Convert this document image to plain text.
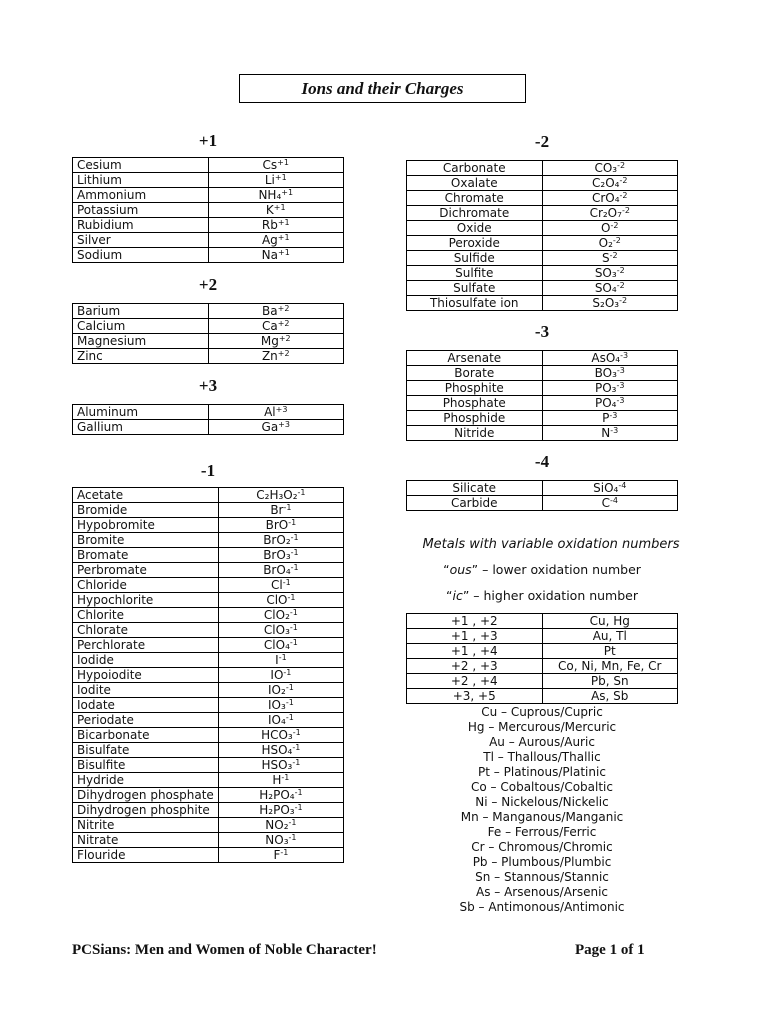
Ions and their Charges
+1
Cesium	$Cs^{+1}$
Lithium	$Li^{+1}$
Ammonium	NH₄$^{+1}$
Potassium	$K^{+1}$
Rubidium	$Rb^{+1}$
Silver	$Ag^{+1}$
Sodium	$Na^{+1}$
+2
Barium	$Ba^{+2}$
Calcium	$Ca^{+2}$
Magnesium	$Mg^{+2}$
Zinc	$Zn^{+2}$
+3
Aluminum	$Al^{+3}$
Gallium	$Ga^{+3}$
-1
Acetate	C₂H₃O₂$^{-1}$
Bromide	$Br^{-1}$
Hypobromite	BrO$^{-1}$
Bromite	BrO₂$^{-1}$
Bromate	BrO₃$^{-1}$
Perbromate	BrO₄$^{-1}$
Chloride	$Cl^{-1}$
Hypochlorite	ClO$^{-1}$
Chlorite	ClO₂$^{-1}$
Chlorate	ClO₃$^{-1}$
Perchlorate	ClO₄$^{-1}$
Iodide	$I^{-1}$
Hypoiodite	$IO^{-1}$
Iodite	IO₂$^{-1}$
Iodate	IO₃$^{-1}$
Periodate	IO₄$^{-1}$
Bicarbonate	HCO₃$^{-1}$
Bisulfate	HSO₄$^{-1}$
Bisulfite	HSO₃$^{-1}$
Hydride	$H^{-1}$
Dihydrogen phosphate	H₂PO₄$^{-1}$
Dihydrogen phosphite	H₂PO₃$^{-1}$
Nitrite	NO₂$^{-1}$
Nitrate	NO₃$^{-1}$
Flouride	$F^{-1}$
-2
Carbonate	CO₃$^{-2}$
Oxalate	C₂O₄$^{-2}$
Chromate	CrO₄$^{-2}$
Dichromate	Cr₂O₇$^{-2}$
Oxide	$O^{-2}$
Peroxide	O₂$^{-2}$
Sulfide	$S^{-2}$
Sulfite	SO₃$^{-2}$
Sulfate	SO₄$^{-2}$
Thiosulfate ion	S₂O₃$^{-2}$
-3
Arsenate	AsO₄$^{-3}$
Borate	BO₃$^{-3}$
Phosphite	PO₃$^{-3}$
Phosphate	PO₄$^{-3}$
Phosphide	$P^{-3}$
Nitride	$N^{-3}$
-4
Silicate	SiO₄$^{-4}$
Carbide	$C^{-4}$
Metals with variable oxidation numbers
“ous” – lower oxidation number
“ic” – higher oxidation number
+1 , +2	Cu, Hg
+1 , +3	Au, Tl
+1 , +4	Pt
+2 , +3	Co, Ni, Mn, Fe, Cr
+2 , +4	Pb, Sn
+3, +5	As, Sb
Cu – Cuprous/Cupric
Hg – Mercurous/Mercuric
Au – Aurous/Auric
Tl – Thallous/Thallic
Pt – Platinous/Platinic
Co – Cobaltous/Cobaltic
Ni – Nickelous/Nickelic
Mn – Manganous/Manganic
Fe – Ferrous/Ferric
Cr – Chromous/Chromic
Pb – Plumbous/Plumbic
Sn – Stannous/Stannic
As – Arsenous/Arsenic
Sb – Antimonous/Antimonic
PCSians: Men and Women of Noble Character!	Page 1 of 1
